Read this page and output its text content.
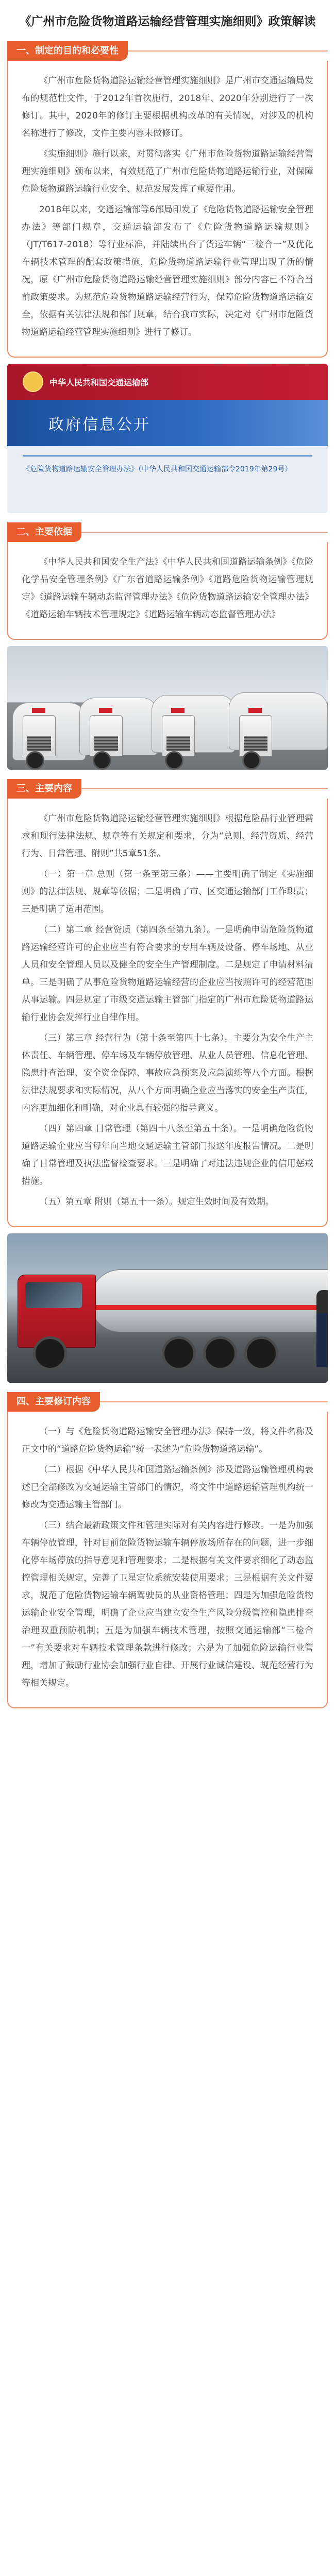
《广州市危险货物道路运输经营管理实施细则》政策解读
一、制定的目的和必要性

《广州市危险货物道路运输经营管理实施细则》是广州市交通运输局发布的规范性文件，于2012年首次施行，2018年、2020年分别进行了一次修订。其中，2020年的修订主要根据机构改革的有关情况，对涉及的机构名称进行了修改，文件主要内容未做修订。

《实施细则》施行以来，对贯彻落实《广州市危险货物道路运输经营管理实施细则》颁布以来，有效规范了广州市危险货物道路运输行业，对保障危险货物道路运输行业安全、规范发展发挥了重要作用。

2018年以来，交通运输部等6部局印发了《危险货物道路运输安全管理办法》等部门规章，交通运输部发布了《危险货物道路运输规则》（JT/T617-2018）等行业标准，并陆续出台了货运车辆“三检合一”及优化车辆技术管理的配套政策措施，危险货物道路运输行业管理出现了新的情况，原《广州市危险货物道路运输经营管理实施细则》部分内容已不符合当前政策要求。为规范危险货物道路运输经营行为，保障危险货物道路运输安全，依据有关法律法规和部门规章，结合我市实际，决定对《广州市危险货物道路运输经营管理实施细则》进行了修订。

中华人民共和国交通运输部
政府信息公开
《危险货物道路运输安全管理办法》（中华人民共和国交通运输部令2019年第29号）
二、主要依据

《中华人民共和国安全生产法》《中华人民共和国道路运输条例》《危险化学品安全管理条例》《广东省道路运输条例》《道路危险货物运输管理规定》《道路运输车辆动态监督管理办法》《危险货物道路运输安全管理办法》《道路运输车辆技术管理规定》《道路运输车辆动态监督管理办法》

三、主要内容

《广州市危险货物道路运输经营管理实施细则》根据危险品行业管理需求和现行法律法规、规章等有关规定和要求，分为“总则、经营资质、经营行为、日常管理、附则”共5章51条。

（一）第一章 总则（第一条至第三条）——主要明确了制定《实施细则》的法律法规、规章等依据；二是明确了市、区交通运输部门工作职责；三是明确了适用范围。

（二）第二章 经营资质（第四条至第九条）。一是明确申请危险货物道路运输经营许可的企业应当有符合要求的专用车辆及设备、停车场地、从业人员和安全管理人员以及健全的安全生产管理制度。二是规定了申请材料清单。三是明确了从事危险货物道路运输经营的企业应当按照许可的经营范围从事运输。四是规定了市级交通运输主管部门指定的广州市危险货物道路运输行业协会发挥行业自律作用。

（三）第三章 经营行为（第十条至第四十七条）。主要分为安全生产主体责任、车辆管理、停车场及车辆停放管理、从业人员管理、信息化管理、隐患排查治理、安全资金保障、事故应急预案及应急演练等八个方面。根据法律法规要求和实际情况，从八个方面明确企业应当落实的安全生产责任，内容更加细化和明确，对企业具有较强的指导意义。

（四）第四章 日常管理（第四十八条至第五十条）。一是明确危险货物道路运输企业应当每年向当地交通运输主管部门报送年度报告情况。二是明确了日常管理及执法监督检查要求。三是明确了对违法违规企业的信用惩戒措施。

（五）第五章 附则（第五十一条）。规定生效时间及有效期。

四、主要修订内容

（一）与《危险货物道路运输安全管理办法》保持一致，将文件名称及正文中的“道路危险货物运输”统一表述为“危险货物道路运输”。

（二）根据《中华人民共和国道路运输条例》涉及道路运输管理机构表述已全部修改为交通运输主管部门的情况，将文件中道路运输管理机构统一修改为交通运输主管部门。

（三）结合最新政策文件和管理实际对有关内容进行修改。一是为加强车辆停放管理，针对目前危险货物运输车辆停放场所存在的问题，进一步细化停车场停放的指导意见和管理要求；二是根据有关文件要求细化了动态监控管理相关规定，完善了卫星定位系统安装使用要求；三是根据有关文件要求，规范了危险货物运输车辆驾驶员的从业资格管理；四是为加强危险货物运输企业安全管理，明确了企业应当建立安全生产风险分级管控和隐患排查治理双重预防机制；五是为加强车辆技术管理，按照交通运输部“三检合一”有关要求对车辆技术管理条款进行修改；六是为了加强危险运输行业管理，增加了鼓励行业协会加强行业自律、开展行业诚信建设、规范经营行为等相关规定。
